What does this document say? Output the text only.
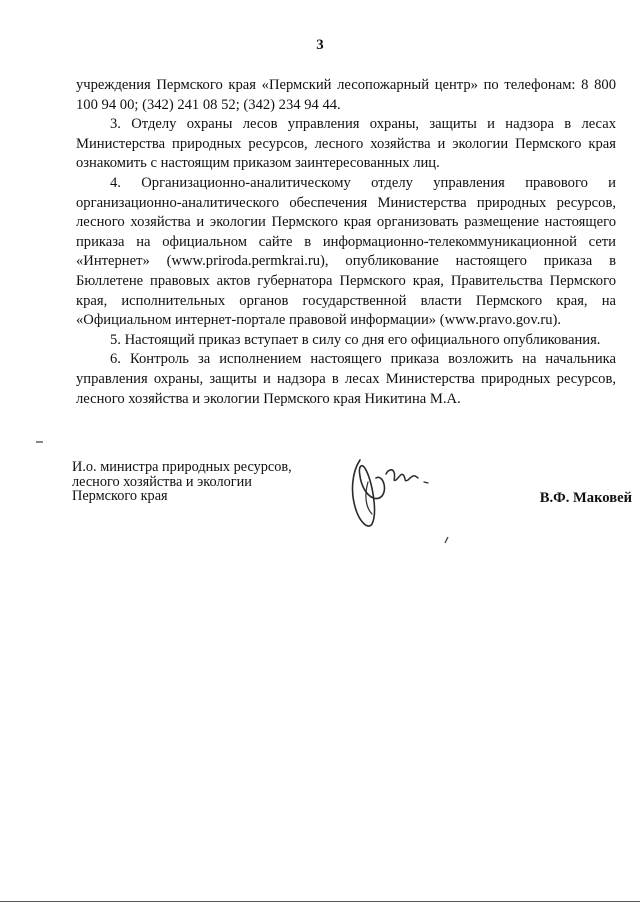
3

учреждения Пермского края «Пермский лесопожарный центр» по телефонам: 8 800 100 94 00; (342) 241 08 52; (342) 234 94 44.

3. Отделу охраны лесов управления охраны, защиты и надзора в лесах Министерства природных ресурсов, лесного хозяйства и экологии Пермского края ознакомить с настоящим приказом заинтересованных лиц.

4. Организационно-аналитическому отделу управления правового и организационно-аналитического обеспечения Министерства природных ресурсов, лесного хозяйства и экологии Пермского края организовать размещение настоящего приказа на официальном сайте в информационно-телекоммуникационной сети «Интернет» (www.priroda.permkrai.ru), опубликование настоящего приказа в Бюллетене правовых актов губернатора Пермского края, Правительства Пермского края, исполнительных органов государственной власти Пермского края, на «Официальном интернет-портале правовой информации» (www.pravo.gov.ru).

5. Настоящий приказ вступает в силу со дня его официального опубликования.

6. Контроль за исполнением настоящего приказа возложить на начальника управления охраны, защиты и надзора в лесах Министерства природных ресурсов, лесного хозяйства и экологии Пермского края Никитина М.А.

И.о. министра природных ресурсов,
лесного хозяйства и экологии
Пермского края	В.Ф. Маковей
